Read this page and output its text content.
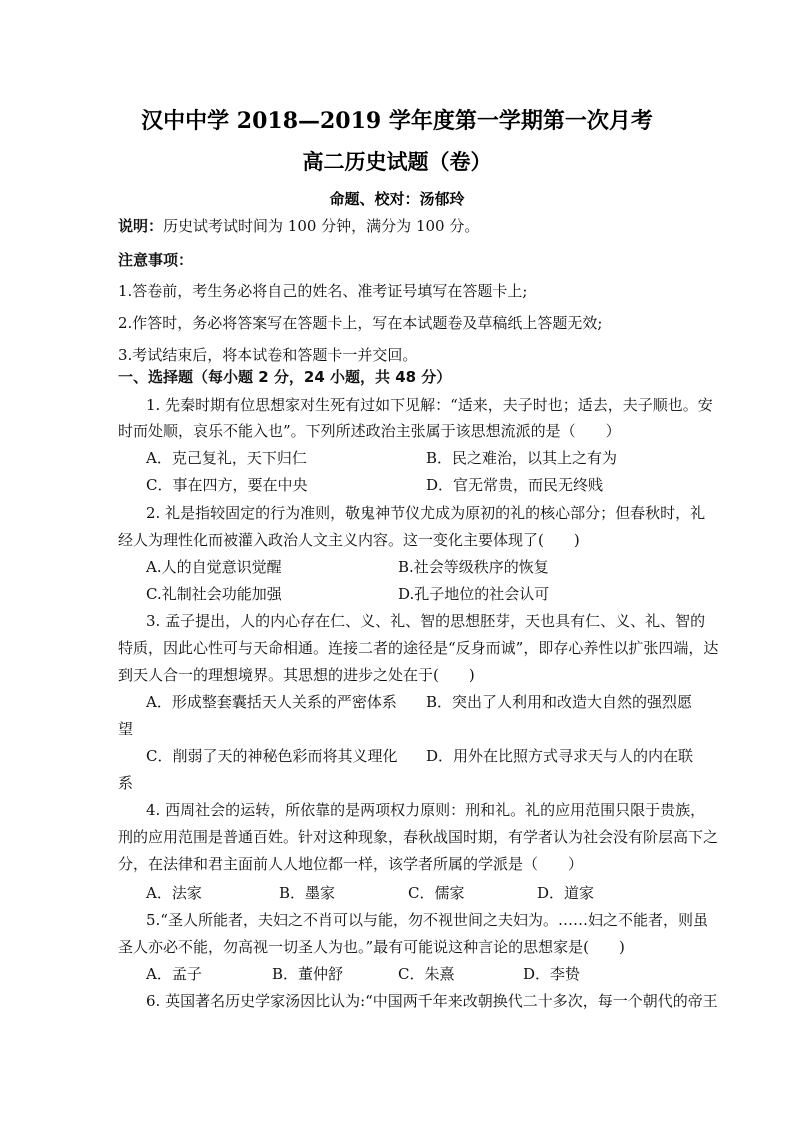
汉中中学 2018—2019 学年度第一学期第一次月考
高二历史试题（卷）
命题、校对：汤郁玲
说明：历史试考试时间为 100 分钟，满分为 100 分。
注意事项：
1.答卷前，考生务必将自己的姓名、准考证号填写在答题卡上;
2.作答时，务必将答案写在答题卡上，写在本试题卷及草稿纸上答题无效;
3.考试结束后，将本试卷和答题卡一并交回。
一、选择题（每小题 2 分，24 小题，共 48 分）
1. 先秦时期有位思想家对生死有过如下见解：“适来，夫子时也；适去，夫子顺也。安
时而处顺，哀乐不能入也”。下列所述政治主张属于该思想流派的是（　　）
A．克己复礼，天下归仁	B．民之难治，以其上之有为
C．事在四方，要在中央	D．官无常贵，而民无终贱
2. 礼是指较固定的行为准则，敬鬼神节仪尤成为原初的礼的核心部分；但春秋时，礼
经人为理性化而被灌入政治人文主义内容。这一变化主要体现了(　　)
A.人的自觉意识觉醒	B.社会等级秩序的恢复
C.礼制社会功能加强	D.孔子地位的社会认可
3. 孟子提出，人的内心存在仁、义、礼、智的思想胚芽，天也具有仁、义、礼、智的
特质，因此心性可与天命相通。连接二者的途径是“反身而诚”，即存心养性以扩张四端，达
到天人合一的理想境界。其思想的进步之处在于(　　)
A．形成整套囊括天人关系的严密体系 B．突出了人利用和改造大自然的强烈愿
望
C．削弱了天的神秘色彩而将其义理化 D．用外在比照方式寻求天与人的内在联
系
4. 西周社会的运转，所依靠的是两项权力原则：刑和礼。礼的应用范围只限于贵族，
刑的应用范围是普通百姓。针对这种现象，春秋战国时期，有学者认为社会没有阶层高下之
分，在法律和君主面前人人地位都一样，该学者所属的学派是（　　）
A．法家	B．墨家	C．儒家	D．道家
5.“圣人所能者，夫妇之不肖可以与能，勿不视世间之夫妇为。……妇之不能者，则虽
圣人亦必不能，勿高视一切圣人为也。”最有可能说这种言论的思想家是(　　)
A．孟子	B．董仲舒	C．朱熹	D．李贽
6. 英国著名历史学家汤因比认为:“中国两千年来改朝换代二十多次，每一个朝代的帝王
